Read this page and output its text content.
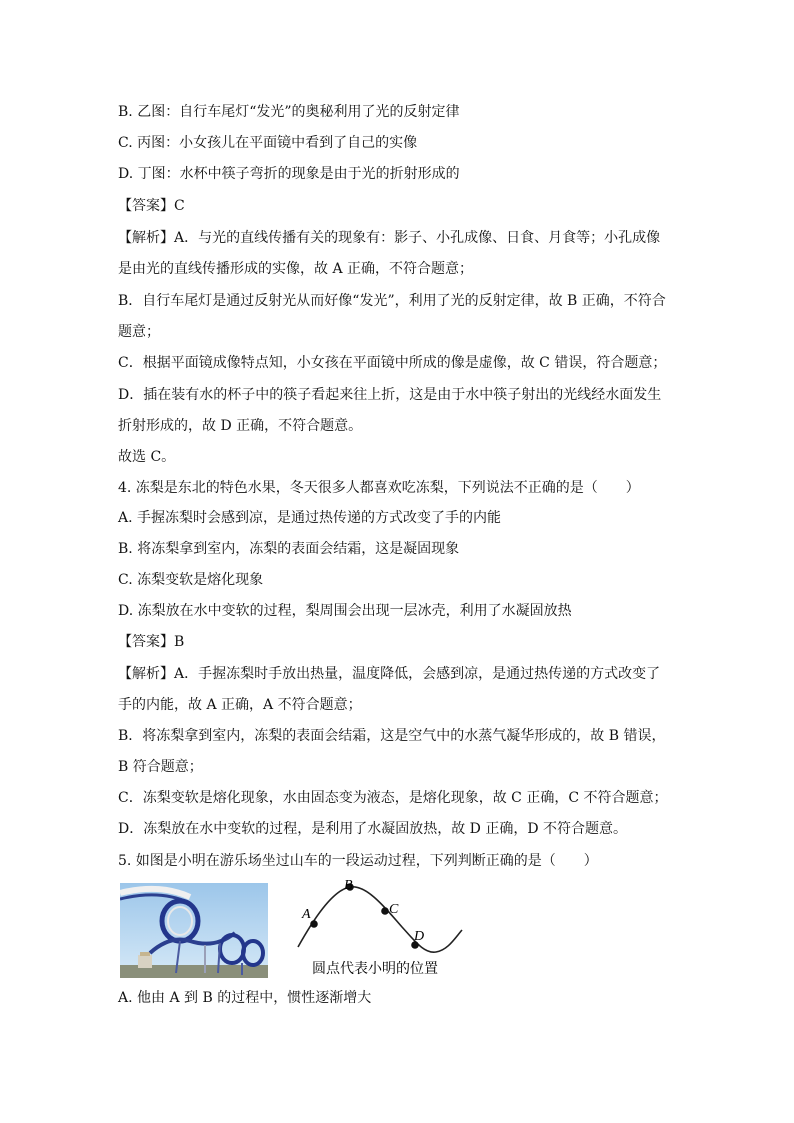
B. 乙图：自行车尾灯“发光”的奥秘利用了光的反射定律
C. 丙图：小女孩儿在平面镜中看到了自己的实像
D. 丁图：水杯中筷子弯折的现象是由于光的折射形成的
【答案】C
【解析】A．与光的直线传播有关的现象有：影子、小孔成像、日食、月食等；小孔成像
是由光的直线传播形成的实像，故 A 正确，不符合题意；
B．自行车尾灯是通过反射光从而好像“发光”，利用了光的反射定律，故 B 正确，不符合
题意；
C．根据平面镜成像特点知，小女孩在平面镜中所成的像是虚像，故 C 错误，符合题意；
D．插在装有水的杯子中的筷子看起来往上折，这是由于水中筷子射出的光线经水面发生
折射形成的，故 D 正确，不符合题意。
故选 C。
4. 冻梨是东北的特色水果，冬天很多人都喜欢吃冻梨，下列说法不正确的是（　　）
A. 手握冻梨时会感到凉，是通过热传递的方式改变了手的内能
B. 将冻梨拿到室内，冻梨的表面会结霜，这是凝固现象
C. 冻梨变软是熔化现象
D. 冻梨放在水中变软的过程，梨周围会出现一层冰壳，利用了水凝固放热
【答案】B
【解析】A．手握冻梨时手放出热量，温度降低，会感到凉，是通过热传递的方式改变了
手的内能，故 A 正确，A 不符合题意；
B．将冻梨拿到室内，冻梨的表面会结霜，这是空气中的水蒸气凝华形成的，故 B 错误，
B 符合题意；
C．冻梨变软是熔化现象，水由固态变为液态，是熔化现象，故 C 正确，C 不符合题意；
D．冻梨放在水中变软的过程，是利用了水凝固放热，故 D 正确，D 不符合题意。
5. 如图是小明在游乐场坐过山车的一段运动过程，下列判断正确的是（　　）
A
B
C
D
圆点代表小明的位置
A. 他由 A 到 B 的过程中，惯性逐渐增大
